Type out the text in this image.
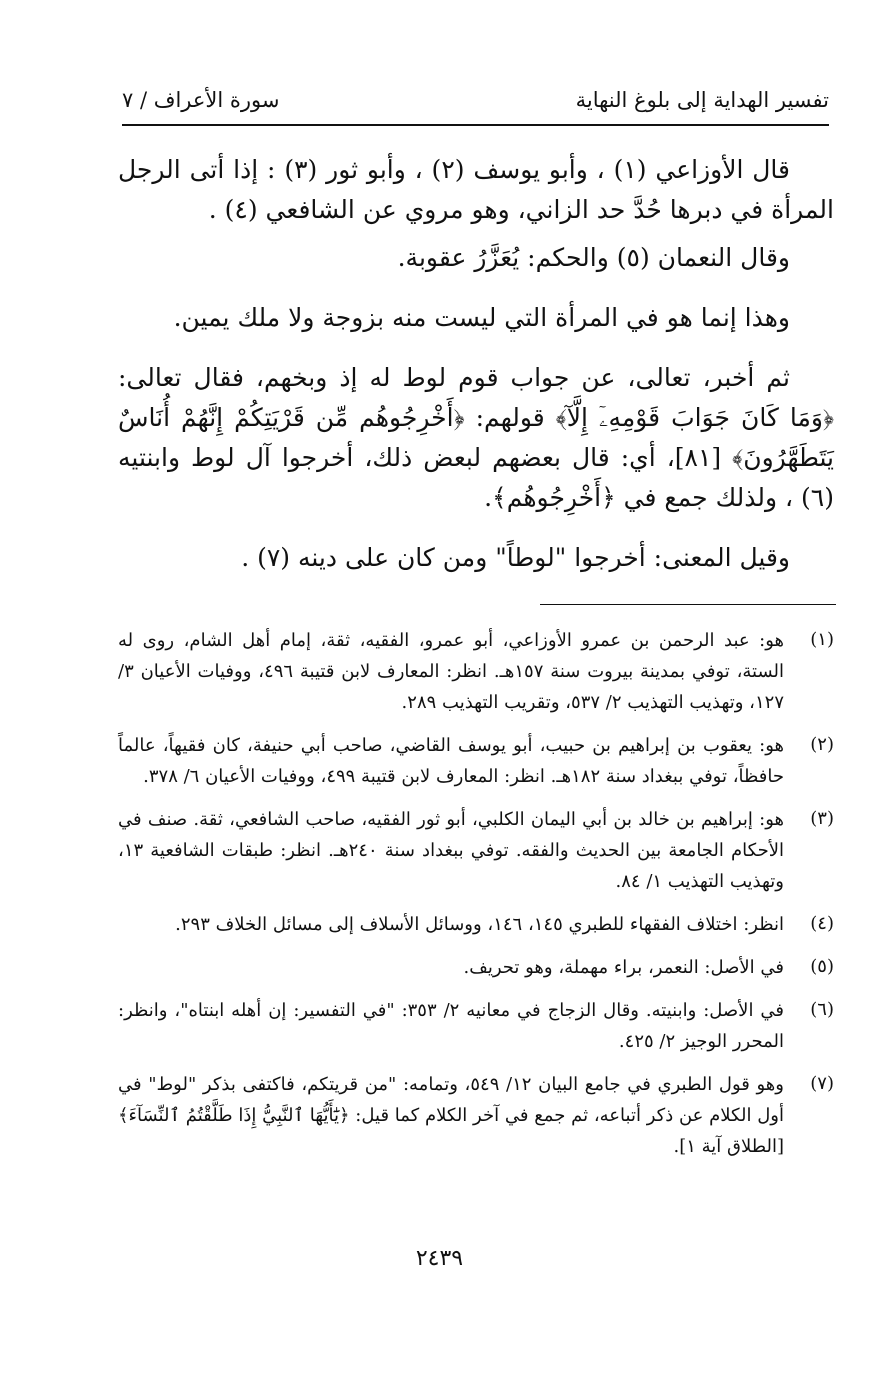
تفسير الهداية إلى بلوغ النهاية
سورة الأعراف / ٧

قال الأوزاعي (١) ، وأبو يوسف (٢) ، وأبو ثور (٣) : إذا أتى الرجل المرأة في دبرها حُدَّ حد الزاني، وهو مروي عن الشافعي (٤) .

وقال النعمان (٥) والحكم: يُعَزَّرُ عقوبة.

وهذا إنما هو في المرأة التي ليست منه بزوجة ولا ملك يمين.

ثم أخبر، تعالى، عن جواب قوم لوط له إذ وبخهم، فقال تعالى: ﴿وَمَا كَانَ جَوَابَ قَوْمِهِۦٓ إِلَّآ﴾ قولهم: ﴿أَخْرِجُوهُم مِّن قَرْيَتِكُمْ إِنَّهُمْ أُنَاسٌ يَتَطَهَّرُونَ﴾ [٨١]، أي: قال بعضهم لبعض ذلك، أخرجوا آل لوط وابنتيه (٦) ، ولذلك جمع في ﴿أَخْرِجُوهُم﴾.

وقيل المعنى: أخرجوا "لوطاً" ومن كان على دينه (٧) .

(١)
هو: عبد الرحمن بن عمرو الأوزاعي، أبو عمرو، الفقيه، ثقة، إمام أهل الشام، روى له الستة، توفي بمدينة بيروت سنة ١٥٧هـ. انظر: المعارف لابن قتيبة ٤٩٦، ووفيات الأعيان ٣/ ١٢٧، وتهذيب التهذيب ٢/ ٥٣٧، وتقريب التهذيب ٢٨٩.
(٢)
هو: يعقوب بن إبراهيم بن حبيب، أبو يوسف القاضي، صاحب أبي حنيفة، كان فقيهاً، عالماً حافظاً، توفي ببغداد سنة ١٨٢هـ. انظر: المعارف لابن قتيبة ٤٩٩، ووفيات الأعيان ٦/ ٣٧٨.
(٣)
هو: إبراهيم بن خالد بن أبي اليمان الكلبي، أبو ثور الفقيه، صاحب الشافعي، ثقة. صنف في الأحكام الجامعة بين الحديث والفقه. توفي ببغداد سنة ٢٤٠هـ. انظر: طبقات الشافعية ١٣، وتهذيب التهذيب ١/ ٨٤.
(٤)
انظر: اختلاف الفقهاء للطبري ١٤٥، ١٤٦، ووسائل الأسلاف إلى مسائل الخلاف ٢٩٣.
(٥)
في الأصل: النعمر، براء مهملة، وهو تحريف.
(٦)
في الأصل: وابنيته. وقال الزجاج في معانيه ٢/ ٣٥٣: "في التفسير: إن أهله ابنتاه"، وانظر: المحرر الوجيز ٢/ ٤٢٥.
(٧)
وهو قول الطبري في جامع البيان ١٢/ ٥٤٩، وتمامه: "من قريتكم، فاكتفى بذكر "لوط" في أول الكلام عن ذكر أتباعه، ثم جمع في آخر الكلام كما قيل: ﴿يَٰٓأَيُّهَا ٱلنَّبِيُّ إِذَا طَلَّقْتُمُ ٱلنِّسَآءَ﴾ [الطلاق آية ١].
٢٤٣٩
